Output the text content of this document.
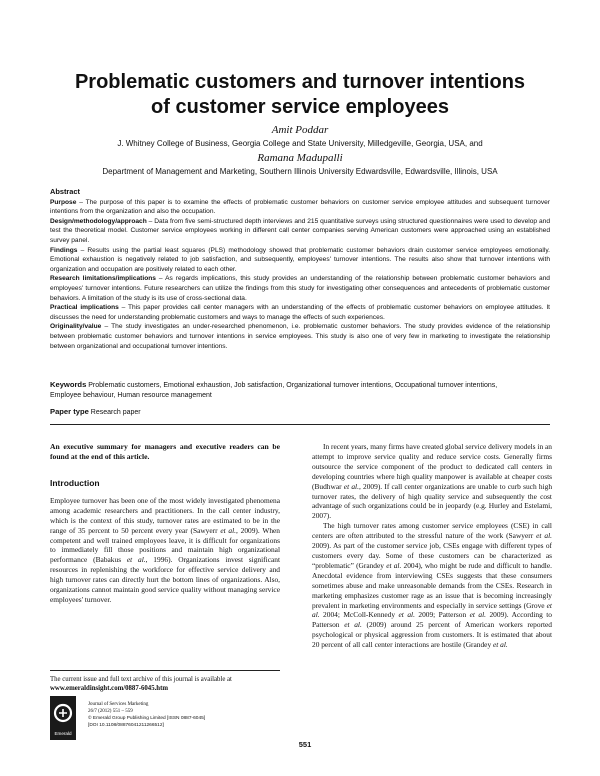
Problematic customers and turnover intentions
of customer service employees
Amit Poddar
J. Whitney College of Business, Georgia College and State University, Milledgeville, Georgia, USA, and
Ramana Madupalli
Department of Management and Marketing, Southern Illinois University Edwardsville, Edwardsville, Illinois, USA
Abstract

Purpose – The purpose of this paper is to examine the effects of problematic customer behaviors on customer service employee attitudes and subsequent turnover intentions from the organization and also the occupation.

Design/methodology/approach – Data from five semi-structured depth interviews and 215 quantitative surveys using structured questionnaires were used to develop and test the theoretical model. Customer service employees working in different call center companies serving American customers were approached using an established survey panel.

Findings – Results using the partial least squares (PLS) methodology showed that problematic customer behaviors drain customer service employees emotionally. Emotional exhaustion is negatively related to job satisfaction, and subsequently, employees' turnover intentions. The results also show that turnover intentions with organization and occupation are positively related to each other.

Research limitations/implications – As regards implications, this study provides an understanding of the relationship between problematic customer behaviors and employees' turnover intentions. Future researchers can utilize the findings from this study for investigating other consequences and antecedents of problematic customer behaviors. A limitation of the study is its use of cross-sectional data.

Practical implications – This paper provides call center managers with an understanding of the effects of problematic customer behaviors on employee attitudes. It discusses the need for understanding problematic customers and ways to manage the effects of such experiences.

Originality/value – The study investigates an under-researched phenomenon, i.e. problematic customer behaviors. The study provides evidence of the relationship between problematic customer behaviors and turnover intentions in service employees. This study is also one of very few in marketing to investigate the relationship between organizational and occupational turnover intentions.

Keywords Problematic customers, Emotional exhaustion, Job satisfaction, Organizational turnover intentions, Occupational turnover intentions,
Employee behaviour, Human resource management
Paper type Research paper

An executive summary for managers and executive readers can be found at the end of this article.

Introduction

Employee turnover has been one of the most widely investigated phenomena among academic researchers and practitioners. In the call center industry, which is the context of this study, turnover rates are estimated to be in the range of 35 percent to 50 percent every year (Sawyerr et al., 2009). When competent and well trained employees leave, it is difficult for organizations to immediately fill those positions and maintain high organizational performance (Babakus et al., 1996). Organizations invest significant resources in replenishing the workforce for effective service delivery and high turnover rates can directly hurt the bottom lines of organizations. Also, organizations cannot maintain good service quality without managing service employees' turnover.

The current issue and full text archive of this journal is available at
www.emeraldinsight.com/0887-6045.htm
Emerald
Journal of Services Marketing
26/7 (2012) 551 – 559
© Emerald Group Publishing Limited [ISSN 0887-6045]
[DOI 10.1108/08876041211266512]

In recent years, many firms have created global service delivery models in an attempt to improve service quality and reduce service costs. Generally firms outsource the service component of the product to dedicated call centers in developing countries where high quality manpower is available at cheaper costs (Budhwar et al., 2009). If call center organizations are unable to curb such high turnover rates, the delivery of high quality service and subsequently the cost advantage of such organizations could be in jeopardy (e.g. Hurley and Estelami, 2007).

The high turnover rates among customer service employees (CSE) in call centers are often attributed to the stressful nature of the work (Sawyerr et al. 2009). As part of the customer service job, CSEs engage with different types of customers every day. Some of these customers can be characterized as “problematic” (Grandey et al. 2004), who might be rude and difficult to handle. Anecdotal evidence from interviewing CSEs suggests that these consumers sometimes abuse and make unreasonable demands from the CSEs. Research in marketing emphasizes customer rage as an issue that is becoming increasingly prevalent in marketing environments and especially in service settings (Grove et al. 2004; McColl-Kennedy et al. 2009; Patterson et al. 2009). According to Patterson et al. (2009) around 25 percent of American workers reported psychological or physical aggression from customers. It is estimated that about 20 percent of all call center interactions are hostile (Grandey et al.

551
